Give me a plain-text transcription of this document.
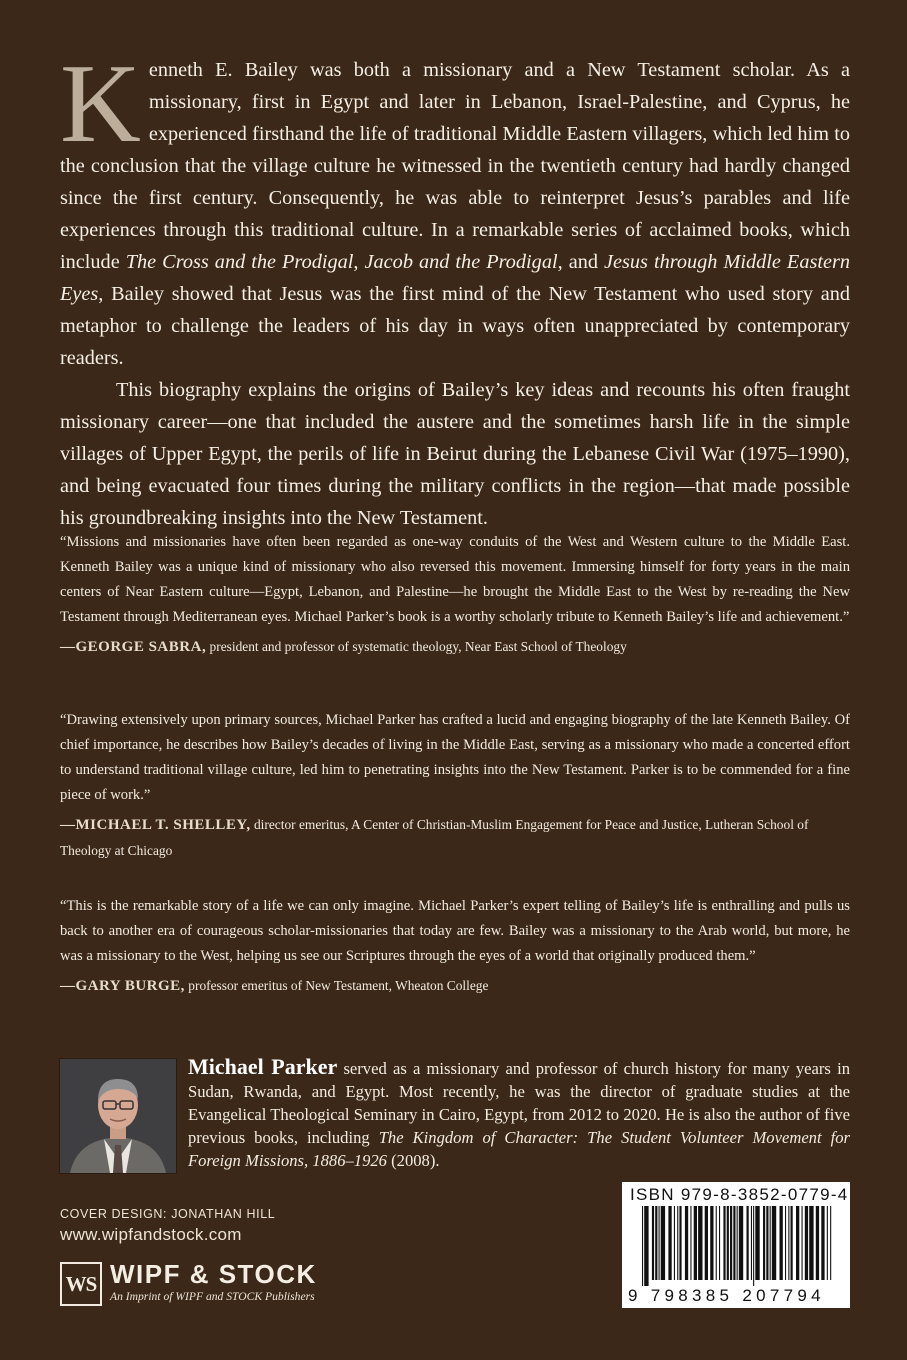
Kenneth E. Bailey was both a missionary and a New Testament scholar. As a missionary, first in Egypt and later in Lebanon, Israel-Palestine, and Cyprus, he experienced firsthand the life of traditional Middle Eastern villagers, which led him to the conclusion that the village culture he witnessed in the twentieth century had hardly changed since the first century. Consequently, he was able to reinterpret Jesus’s parables and life experiences through this traditional culture. In a remarkable series of acclaimed books, which include The Cross and the Prodigal, Jacob and the Prodigal, and Jesus through Middle Eastern Eyes, Bailey showed that Jesus was the first mind of the New Testament who used story and metaphor to challenge the leaders of his day in ways often unappreciated by contemporary readers.

This biography explains the origins of Bailey’s key ideas and recounts his often fraught missionary career—one that included the austere and the sometimes harsh life in the simple villages of Upper Egypt, the perils of life in Beirut during the Lebanese Civil War (1975–1990), and being evacuated four times during the military conflicts in the region—that made possible his groundbreaking insights into the New Testament.

“Missions and missionaries have often been regarded as one-way conduits of the West and Western culture to the Middle East. Kenneth Bailey was a unique kind of missionary who also reversed this movement. Immersing himself for forty years in the main centers of Near Eastern culture—Egypt, Lebanon, and Palestine—he brought the Middle East to the West by re-reading the New Testament through Mediterranean eyes. Michael Parker’s book is a worthy scholarly tribute to Kenneth Bailey’s life and achievement.”

—GEORGE SABRA, president and professor of systematic theology, Near East School of Theology

“Drawing extensively upon primary sources, Michael Parker has crafted a lucid and engaging biography of the late Kenneth Bailey. Of chief importance, he describes how Bailey’s decades of living in the Middle East, serving as a missionary who made a concerted effort to understand traditional village culture, led him to penetrating insights into the New Testament. Parker is to be commended for a fine piece of work.”

—MICHAEL T. SHELLEY, director emeritus, A Center of Christian-Muslim Engagement for Peace and Justice, Lutheran School of Theology at Chicago

“This is the remarkable story of a life we can only imagine. Michael Parker’s expert telling of Bailey’s life is enthralling and pulls us back to another era of courageous scholar-missionaries that today are few. Bailey was a missionary to the Arab world, but more, he was a missionary to the West, helping us see our Scriptures through the eyes of a world that originally produced them.”

—GARY BURGE, professor emeritus of New Testament, Wheaton College
Michael Parker served as a missionary and professor of church history for many years in Sudan, Rwanda, and Egypt. Most recently, he was the director of graduate studies at the Evangelical Theological Seminary in Cairo, Egypt, from 2012 to 2020. He is also the author of five previous books, including The Kingdom of Character: The Student Volunteer Movement for Foreign Missions, 1886–1926 (2008).
COVER DESIGN: JONATHAN HILL
www.wipfandstock.com
WS WIPF & STOCK
An Imprint of WIPF and STOCK Publishers
ISBN 979-8-3852-0779-4
9 798385 207794
